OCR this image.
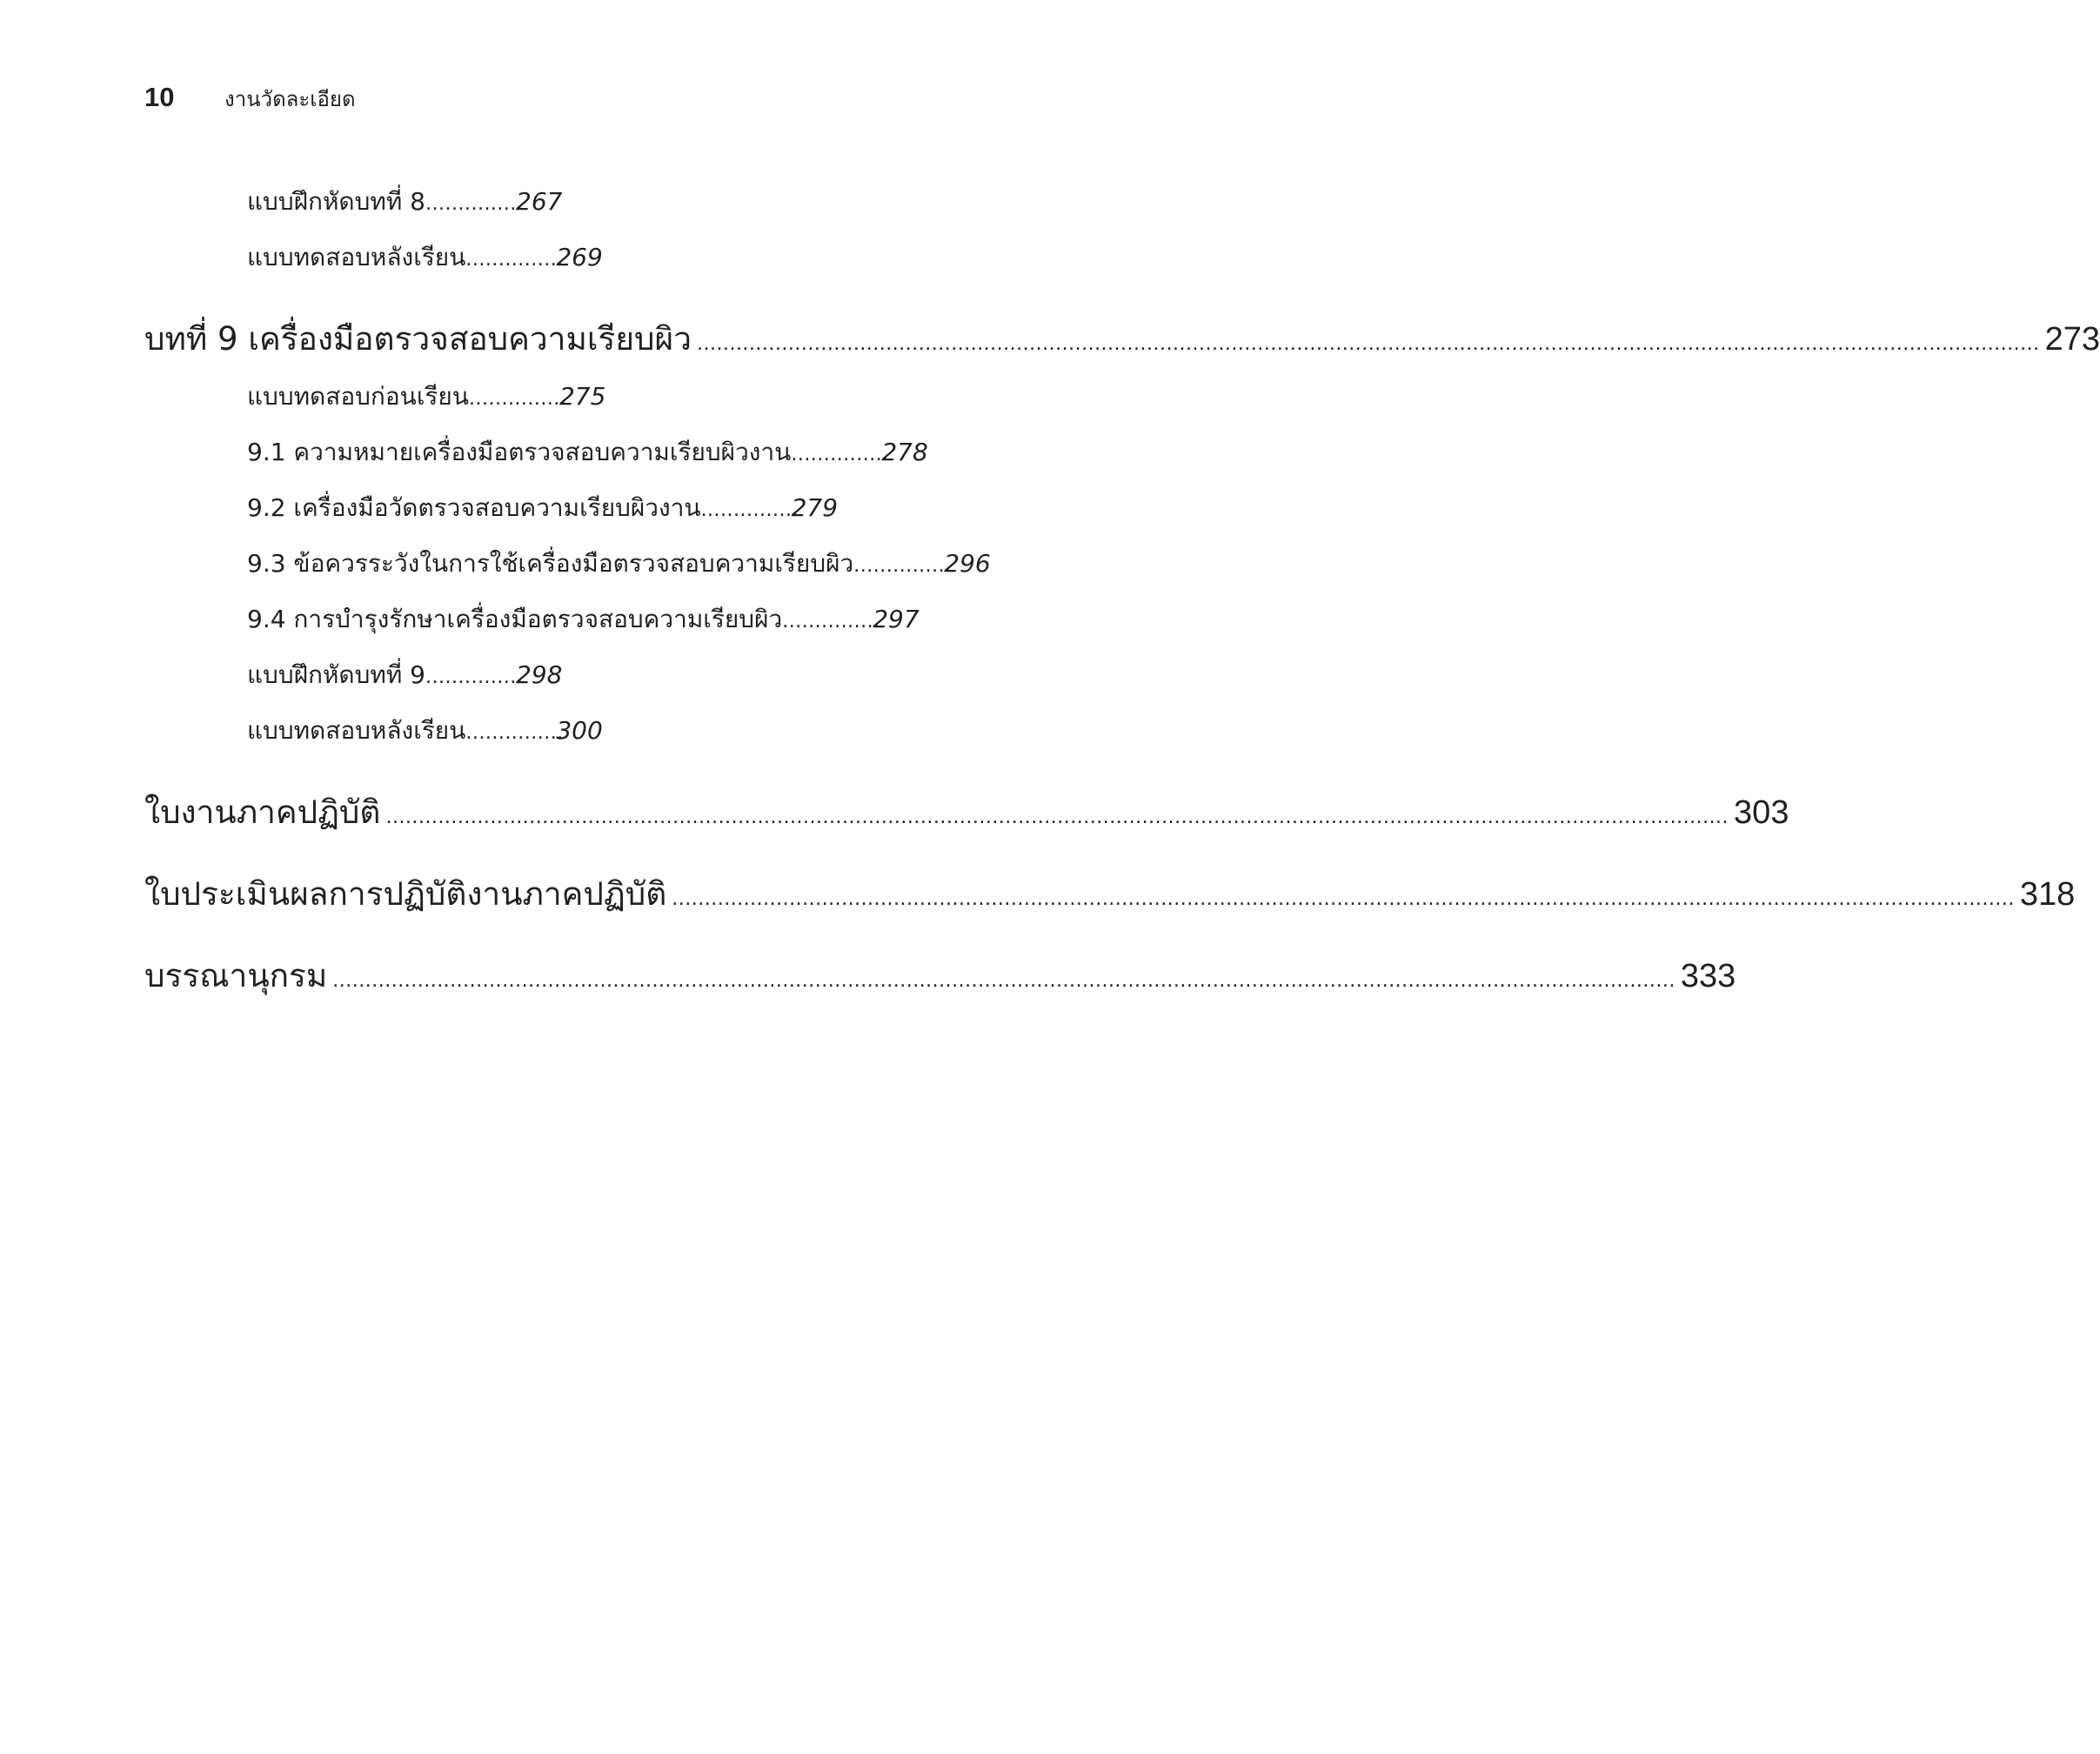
10	งานวัดละเอียด
แบบฝึกหัดบทที่ 8 ...............
267
แบบทดสอบหลังเรียน ...............
269
บทที่ 9 เครื่องมือตรวจสอบความเรียบผิว .............................................................................................................................................................................................................. 273
แบบทดสอบก่อนเรียน ...............
275
9.1 ความหมายเครื่องมือตรวจสอบความเรียบผิวงาน ...............
278
9.2 เครื่องมือวัดตรวจสอบความเรียบผิวงาน ...............
279
9.3 ข้อควรระวังในการใช้เครื่องมือตรวจสอบความเรียบผิว ...............
296
9.4 การบำรุงรักษาเครื่องมือตรวจสอบความเรียบผิว ...............
297
แบบฝึกหัดบทที่ 9 ...............
298
แบบทดสอบหลังเรียน ...............
300
ใบงานภาคปฏิบัติ .............................................................................................................................................................................................................. 303
ใบประเมินผลการปฏิบัติงานภาคปฏิบัติ .............................................................................................................................................................................................................. 318
บรรณานุกรม .............................................................................................................................................................................................................. 333
